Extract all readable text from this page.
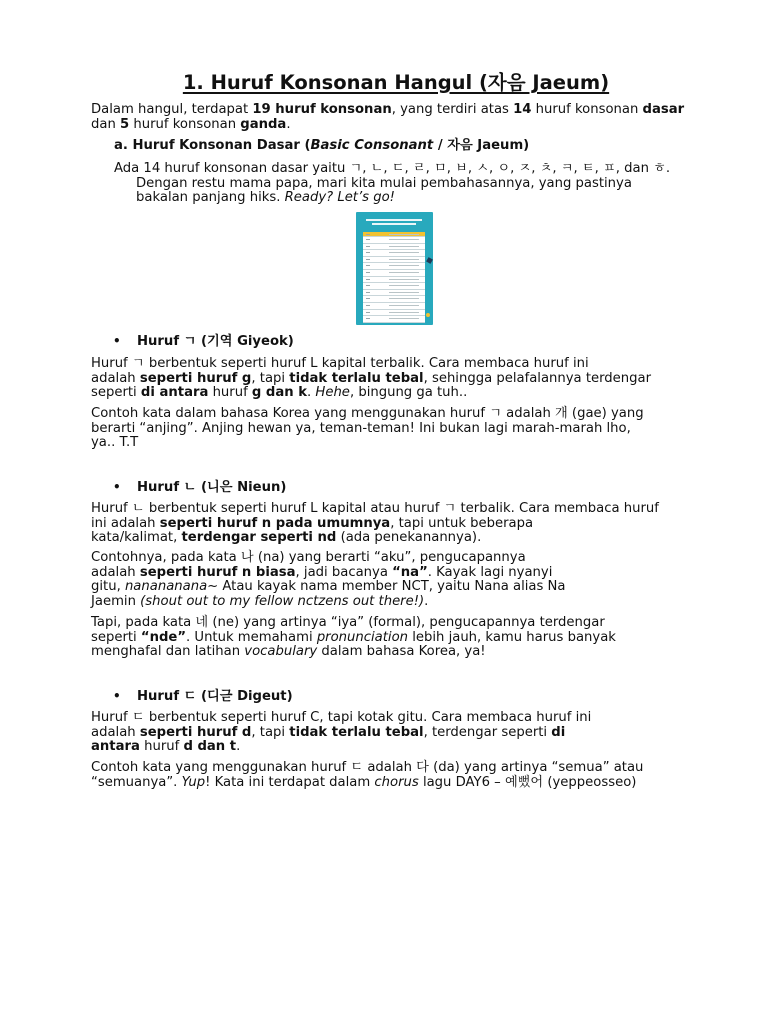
1. Huruf Konsonan Hangul (자음 Jaeum)

Dalam hangul, terdapat 19 huruf konsonan, yang terdiri atas 14 huruf konsonan dasar dan 5 huruf konsonan ganda.

a. Huruf Konsonan Dasar (Basic Consonant / 자음 Jaeum)

Ada 14 huruf konsonan dasar yaitu ㄱ, ㄴ, ㄷ, ㄹ, ㅁ, ㅂ, ㅅ, ㅇ, ㅈ, ㅊ, ㅋ, ㅌ, ㅍ, dan ㅎ.

Dengan restu mama papa, mari kita mulai pembahasannya, yang pastinya

bakalan panjang hiks. Ready? Let’s go!

• Huruf ㄱ (기역 Giyeok)

Huruf ㄱ berbentuk seperti huruf L kapital terbalik. Cara membaca huruf ini

adalah seperti huruf g, tapi tidak terlalu tebal, sehingga pelafalannya terdengar

seperti di antara huruf g dan k. Hehe, bingung ga tuh..

Contoh kata dalam bahasa Korea yang menggunakan huruf ㄱ adalah 개 (gae) yang

berarti “anjing”. Anjing hewan ya, teman-teman! Ini bukan lagi marah-marah lho,

ya.. T.T

• Huruf ㄴ (니은 Nieun)

Huruf ㄴ berbentuk seperti huruf L kapital atau huruf ㄱ terbalik. Cara membaca huruf

ini adalah seperti huruf n pada umumnya, tapi untuk beberapa

kata/kalimat, terdengar seperti nd (ada penekanannya).

Contohnya, pada kata 나 (na) yang berarti “aku”, pengucapannya

adalah seperti huruf n biasa, jadi bacanya “na”. Kayak lagi nyanyi

gitu, nananananа~ Atau kayak nama member NCT, yaitu Nana alias Na

Jaemin (shout out to my fellow nctzens out there!).

Tapi, pada kata 네 (ne) yang artinya “iya” (formal), pengucapannya terdengar

seperti “nde”. Untuk memahami pronunciation lebih jauh, kamu harus banyak

menghafal dan latihan vocabulary dalam bahasa Korea, ya!

• Huruf ㄷ (디귿 Digeut)

Huruf ㄷ berbentuk seperti huruf C, tapi kotak gitu. Cara membaca huruf ini

adalah seperti huruf d, tapi tidak terlalu tebal, terdengar seperti di

antara huruf d dan t.

Contoh kata yang menggunakan huruf ㄷ adalah 다 (da) yang artinya “semua” atau

“semuanya”. Yup! Kata ini terdapat dalam chorus lagu DAY6 – 예뻤어 (yeppeosseo)
